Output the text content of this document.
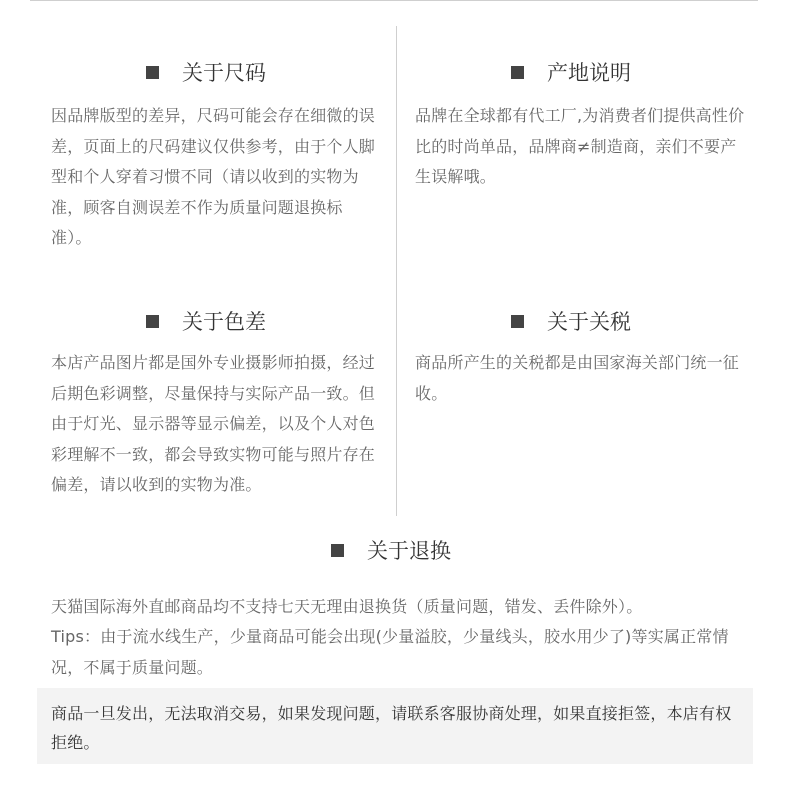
关于尺码

因品牌版型的差异，尺码可能会存在细微的误差，页面上的尺码建议仅供参考，由于个人脚型和个人穿着习惯不同（请以收到的实物为准，顾客自测误差不作为质量问题退换标准）。

产地说明

品牌在全球都有代工厂,为消费者们提供高性价比的时尚单品，品牌商≠制造商，亲们不要产生误解哦。

关于色差

本店产品图片都是国外专业摄影师拍摄，经过后期色彩调整，尽量保持与实际产品一致。但由于灯光、显示器等显示偏差，以及个人对色彩理解不一致，都会导致实物可能与照片存在偏差，请以收到的实物为准。

关于关税

商品所产生的关税都是由国家海关部门统一征收。

关于退换

天猫国际海外直邮商品均不支持七天无理由退换货（质量问题，错发、丢件除外）。

Tips：由于流水线生产，少量商品可能会出现(少量溢胶，少量线头，胶水用少了)等实属正常情况，不属于质量问题。

商品一旦发出，无法取消交易，如果发现问题，请联系客服协商处理，如果直接拒签，本店有权拒绝。
